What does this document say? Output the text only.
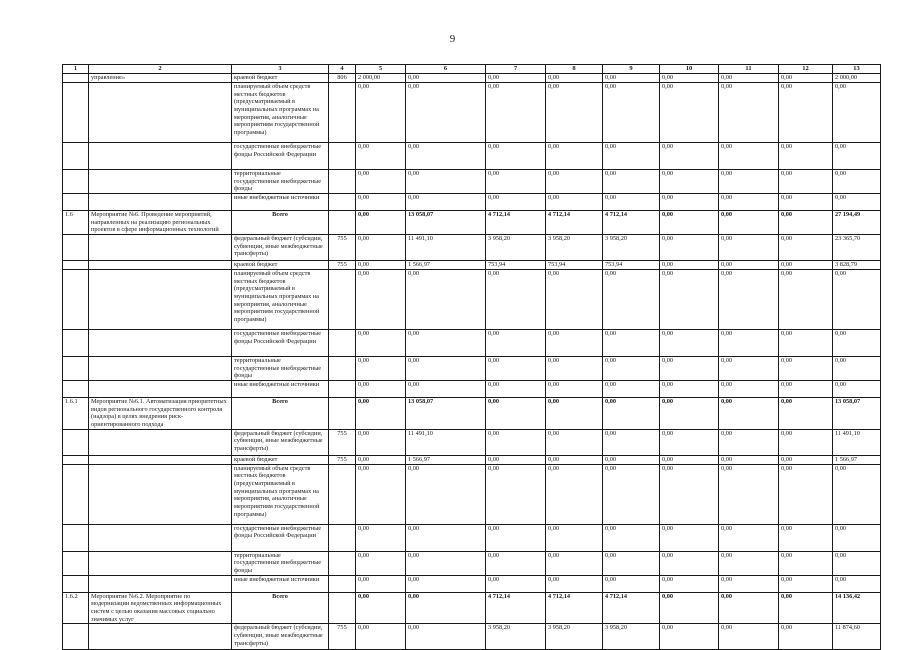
9
1	2	3	4	5	6	7	8	9	10	11	12	13
	управление»	краевой бюджет	806	2 000,00	0,00	0,00	0,00	0,00	0,00	0,00	0,00	2 000,00
		планируемый объем средств местных бюджетов (предусматриваемый в муниципальных программах на мероприятия, аналогичные мероприятиям государственной программы)		0,00	0,00	0,00	0,00	0,00	0,00	0,00	0,00	0,00
		государственные внебюджетные фонды Российской Федерации		0,00	0,00	0,00	0,00	0,00	0,00	0,00	0,00	0,00
		территориальные государственные внебюджетные фонды		0,00	0,00	0,00	0,00	0,00	0,00	0,00	0,00	0,00
		иные внебюджетные источники		0,00	0,00	0,00	0,00	0,00	0,00	0,00	0,00	0,00
1.6	Мероприятие №6. Проведение мероприятий, направленных на реализацию региональных проектов в сфере информационных технологий	Всего		0,00	13 058,07	4 712,14	4 712,14	4 712,14	0,00	0,00	0,00	27 194,49
		федеральный бюджет (субсидии, субвенции, иные межбюджетные трансферты)	755	0,00	11 491,10	3 958,20	3 958,20	3 958,20	0,00	0,00	0,00	23 365,70
		краевой бюджет	755	0,00	1 566,97	753,94	753,94	753,94	0,00	0,00	0,00	3 828,79
		планируемый объем средств местных бюджетов (предусматриваемый в муниципальных программах на мероприятия, аналогичные мероприятиям государственной программы)		0,00	0,00	0,00	0,00	0,00	0,00	0,00	0,00	0,00
		государственные внебюджетные фонды Российской Федерации		0,00	0,00	0,00	0,00	0,00	0,00	0,00	0,00	0,00
		территориальные государственные внебюджетные фонды		0,00	0,00	0,00	0,00	0,00	0,00	0,00	0,00	0,00
		иные внебюджетные источники		0,00	0,00	0,00	0,00	0,00	0,00	0,00	0,00	0,00
1.6.1	Мероприятие №6.1. Автоматизация приоритетных видов регионального государственного контроля (надзора) в целях внедрения риск-ориентированного подхода	Всего		0,00	13 058,07	0,00	0,00	0,00	0,00	0,00	0,00	13 058,07
		федеральный бюджет (субсидии, субвенции, иные межбюджетные трансферты)	755	0,00	11 491,10	0,00	0,00	0,00	0,00	0,00	0,00	11 491,10
		краевой бюджет	755	0,00	1 566,97	0,00	0,00	0,00	0,00	0,00	0,00	1 566,97
		планируемый объем средств местных бюджетов (предусматриваемый в муниципальных программах на мероприятия, аналогичные мероприятиям государственной программы)		0,00	0,00	0,00	0,00	0,00	0,00	0,00	0,00	0,00
		государственные внебюджетные фонды Российской Федерации		0,00	0,00	0,00	0,00	0,00	0,00	0,00	0,00	0,00
		территориальные государственные внебюджетные фонды		0,00	0,00	0,00	0,00	0,00	0,00	0,00	0,00	0,00
		иные внебюджетные источники		0,00	0,00	0,00	0,00	0,00	0,00	0,00	0,00	0,00
1.6.2	Мероприятие №6.2. Мероприятие по модернизации ведомственных информационных систем с целью оказания массовых социально значимых услуг	Всего		0,00	0,00	4 712,14	4 712,14	4 712,14	0,00	0,00	0,00	14 136,42
		федеральный бюджет (субсидии, субвенции, иные межбюджетные трансферты)	755	0,00	0,00	3 958,20	3 958,20	3 958,20	0,00	0,00	0,00	11 874,60
